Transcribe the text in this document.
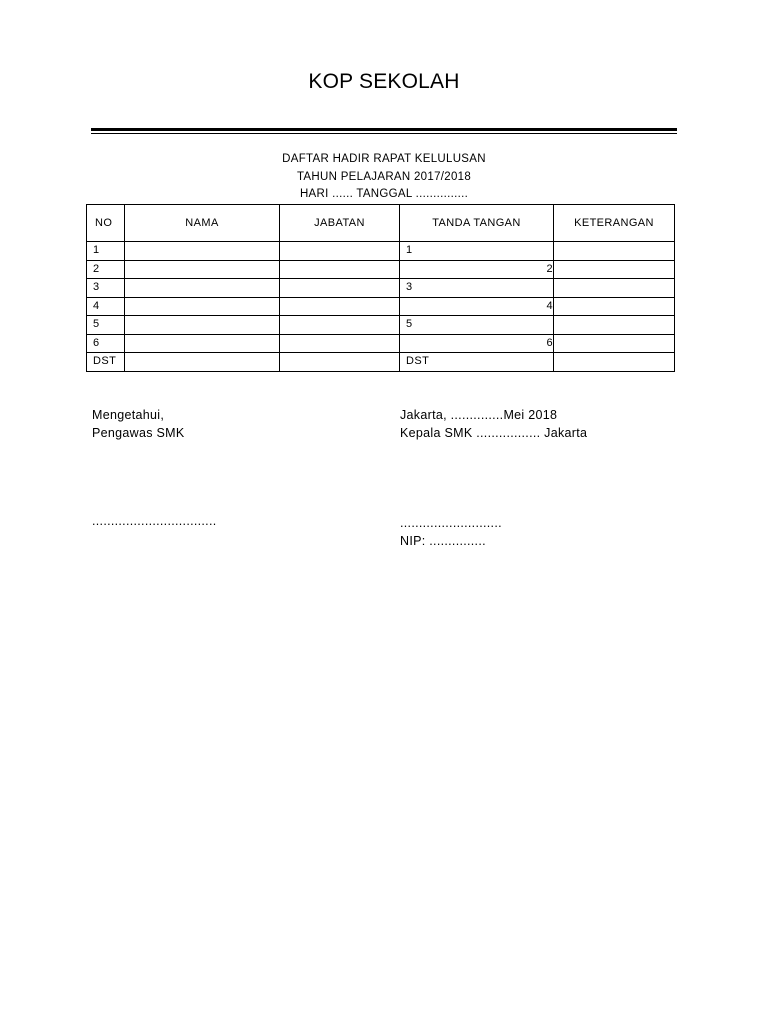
KOP SEKOLAH
DAFTAR HADIR RAPAT KELULUSAN
TAHUN PELAJARAN 2017/2018
HARI ...... TANGGAL ...............
NO	NAMA	JABATAN	TANDA TANGAN	KETERANGAN
1			1	
2			2	
3			3	
4			4	
5			5	
6			6	
DST			DST	
Mengetahui,
Pengawas SMK
Jakarta, ..............Mei 2018
Kepala SMK ................. Jakarta
.................................	...........................
NIP: ...............
